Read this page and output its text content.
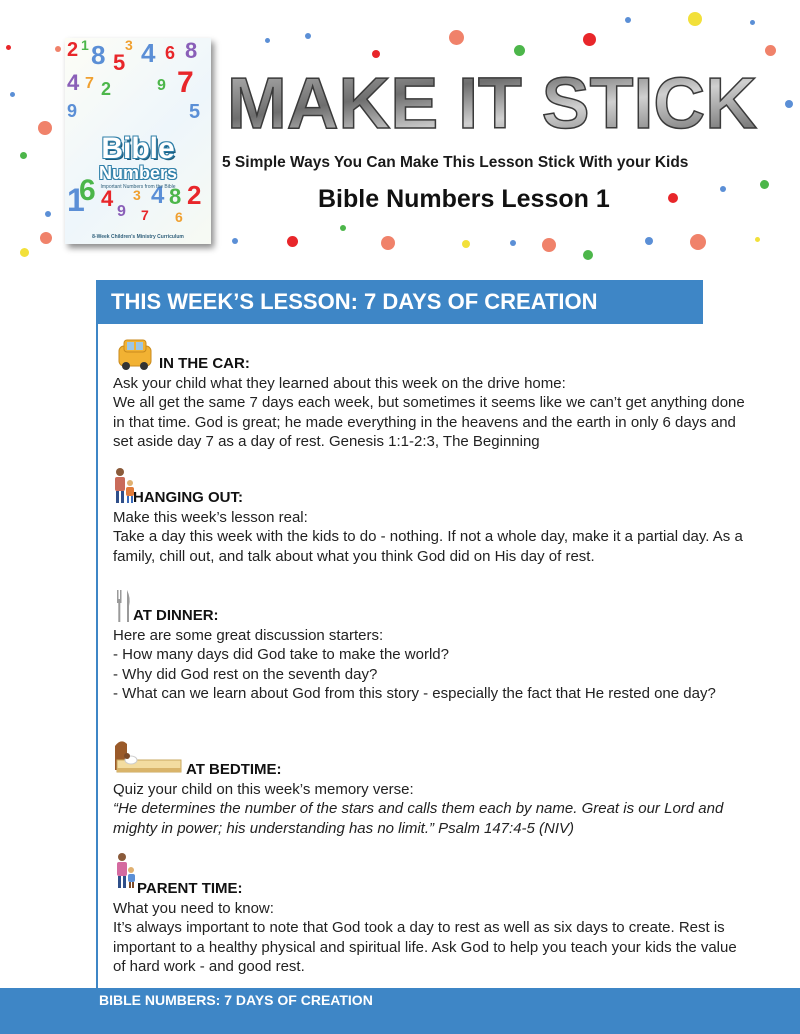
2 1 8 5
3 4 6 8
4 7 2	9 7
9	5
1
6 4
9
3 4 8 2
7 6
Bible
Numbers
Important Numbers from the Bible
8-Week Children's Ministry Curriculum
MAKE IT STICK
5 Simple Ways You Can Make This Lesson Stick With your Kids
Bible Numbers Lesson 1
THIS WEEK’S LESSON: 7 DAYS OF CREATION
IN THE CAR:

Ask your child what they learned about this week on the drive home:

We all get the same 7 days each week, but sometimes it seems like we can’t get anything done in that time. God is great; he made everything in the heavens and the earth in only 6 days and set aside day 7 as a day of rest. Genesis 1:1-2:3, The Beginning

HANGING OUT:

Make this week’s lesson real:

Take a day this week with the kids to do - nothing. If not a whole day, make it a partial day. As a family, chill out, and talk about what you think God did on His day of rest.

AT DINNER:

Here are some great discussion starters:

- How many days did God take to make the world?

- Why did God rest on the seventh day?

- What can we learn about God from this story - especially the fact that He rested one day?

AT BEDTIME:

Quiz your child on this week’s memory verse:

“He determines the number of the stars and calls them each by name. Great is our Lord and mighty in power; his understanding has no limit.” Psalm 147:4-5 (NIV)

PARENT TIME:

What you need to know:

It’s always important to note that God took a day to rest as well as six days to create. Rest is important to a healthy physical and spiritual life. Ask God to help you teach your kids the value of hard work - and good rest.

BIBLE NUMBERS: 7 DAYS OF CREATION
